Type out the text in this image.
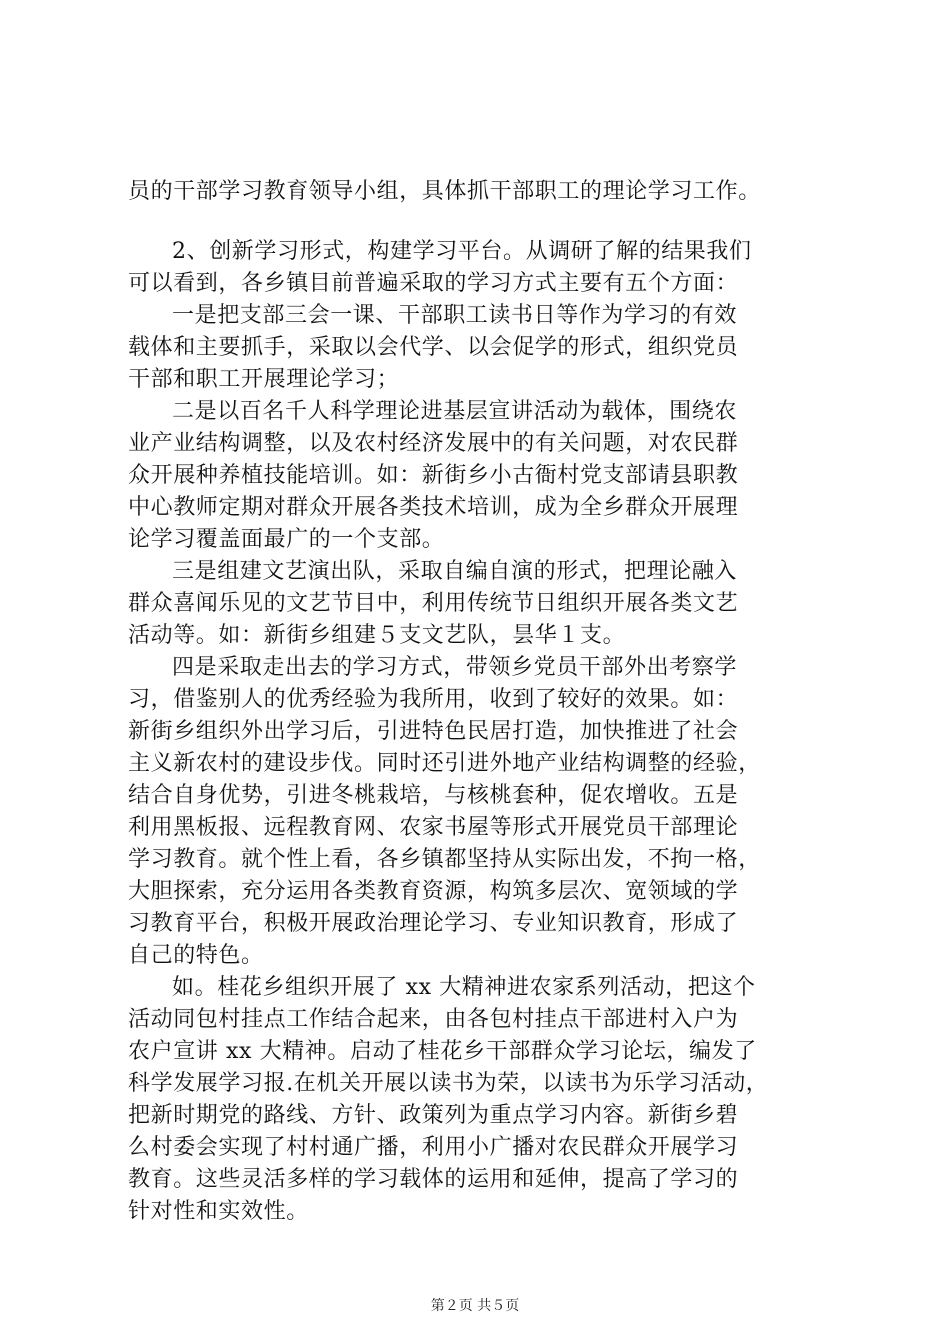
员的干部学习教育领导小组，具体抓干部职工的理论学习工作。
2、创新学习形式，构建学习平台。从调研了解的结果我们
可以看到，各乡镇目前普遍采取的学习方式主要有五个方面：
一是把支部三会一课、干部职工读书日等作为学习的有效
载体和主要抓手，采取以会代学、以会促学的形式，组织党员
干部和职工开展理论学习；
二是以百名千人科学理论进基层宣讲活动为载体，围绕农
业产业结构调整，以及农村经济发展中的有关问题，对农民群
众开展种养植技能培训。如：新街乡小古衙村党支部请县职教
中心教师定期对群众开展各类技术培训，成为全乡群众开展理
论学习覆盖面最广的一个支部。
三是组建文艺演出队，采取自编自演的形式，把理论融入
群众喜闻乐见的文艺节目中，利用传统节日组织开展各类文艺
活动等。如：新街乡组建５支文艺队，昙华１支。
四是采取走出去的学习方式，带领乡党员干部外出考察学
习，借鉴别人的优秀经验为我所用，收到了较好的效果。如：
新街乡组织外出学习后，引进特色民居打造，加快推进了社会
主义新农村的建设步伐。同时还引进外地产业结构调整的经验，
结合自身优势，引进冬桃栽培，与核桃套种，促农增收。五是
利用黑板报、远程教育网、农家书屋等形式开展党员干部理论
学习教育。就个性上看，各乡镇都坚持从实际出发，不拘一格，
大胆探索，充分运用各类教育资源，构筑多层次、宽领域的学
习教育平台，积极开展政治理论学习、专业知识教育，形成了
自己的特色。
如。桂花乡组织开展了 xx 大精神进农家系列活动，把这个
活动同包村挂点工作结合起来，由各包村挂点干部进村入户为
农户宣讲 xx 大精神。启动了桂花乡干部群众学习论坛，编发了
科学发展学习报.在机关开展以读书为荣，以读书为乐学习活动，
把新时期党的路线、方针、政策列为重点学习内容。新街乡碧
么村委会实现了村村通广播，利用小广播对农民群众开展学习
教育。这些灵活多样的学习载体的运用和延伸，提高了学习的
针对性和实效性。
第２页 共５页
